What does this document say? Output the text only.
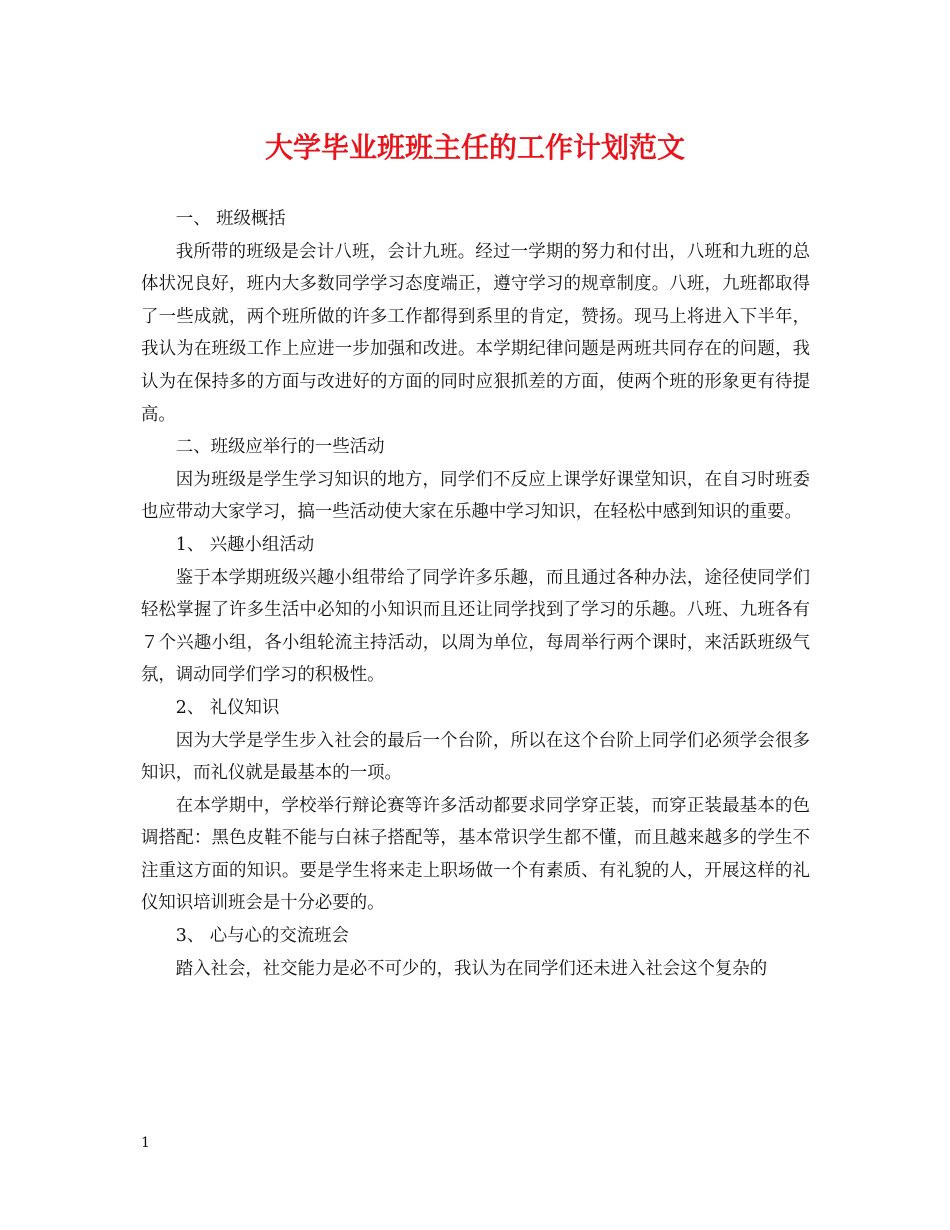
大学毕业班班主任的工作计划范文
一、 班级概括

我所带的班级是会计八班，会计九班。经过一学期的努力和付出，八班和九班的总体状况良好，班内大多数同学学习态度端正，遵守学习的规章制度。八班，九班都取得了一些成就，两个班所做的许多工作都得到系里的肯定，赞扬。现马上将进入下半年，我认为在班级工作上应进一步加强和改进。本学期纪律问题是两班共同存在的问题，我认为在保持多的方面与改进好的方面的同时应狠抓差的方面，使两个班的形象更有待提高。

二、班级应举行的一些活动

因为班级是学生学习知识的地方，同学们不反应上课学好课堂知识，在自习时班委也应带动大家学习，搞一些活动使大家在乐趣中学习知识，在轻松中感到知识的重要。

1、 兴趣小组活动

鉴于本学期班级兴趣小组带给了同学许多乐趣，而且通过各种办法，途径使同学们轻松掌握了许多生活中必知的小知识而且还让同学找到了学习的乐趣。八班、九班各有７个兴趣小组，各小组轮流主持活动，以周为单位，每周举行两个课时，来活跃班级气氛，调动同学们学习的积极性。

2、 礼仪知识

因为大学是学生步入社会的最后一个台阶，所以在这个台阶上同学们必须学会很多知识，而礼仪就是最基本的一项。

在本学期中，学校举行辩论赛等许多活动都要求同学穿正装，而穿正装最基本的色调搭配：黑色皮鞋不能与白袜子搭配等，基本常识学生都不懂，而且越来越多的学生不注重这方面的知识。要是学生将来走上职场做一个有素质、有礼貌的人，开展这样的礼仪知识培训班会是十分必要的。

3、 心与心的交流班会

踏入社会，社交能力是必不可少的，我认为在同学们还未进入社会这个复杂的

1
